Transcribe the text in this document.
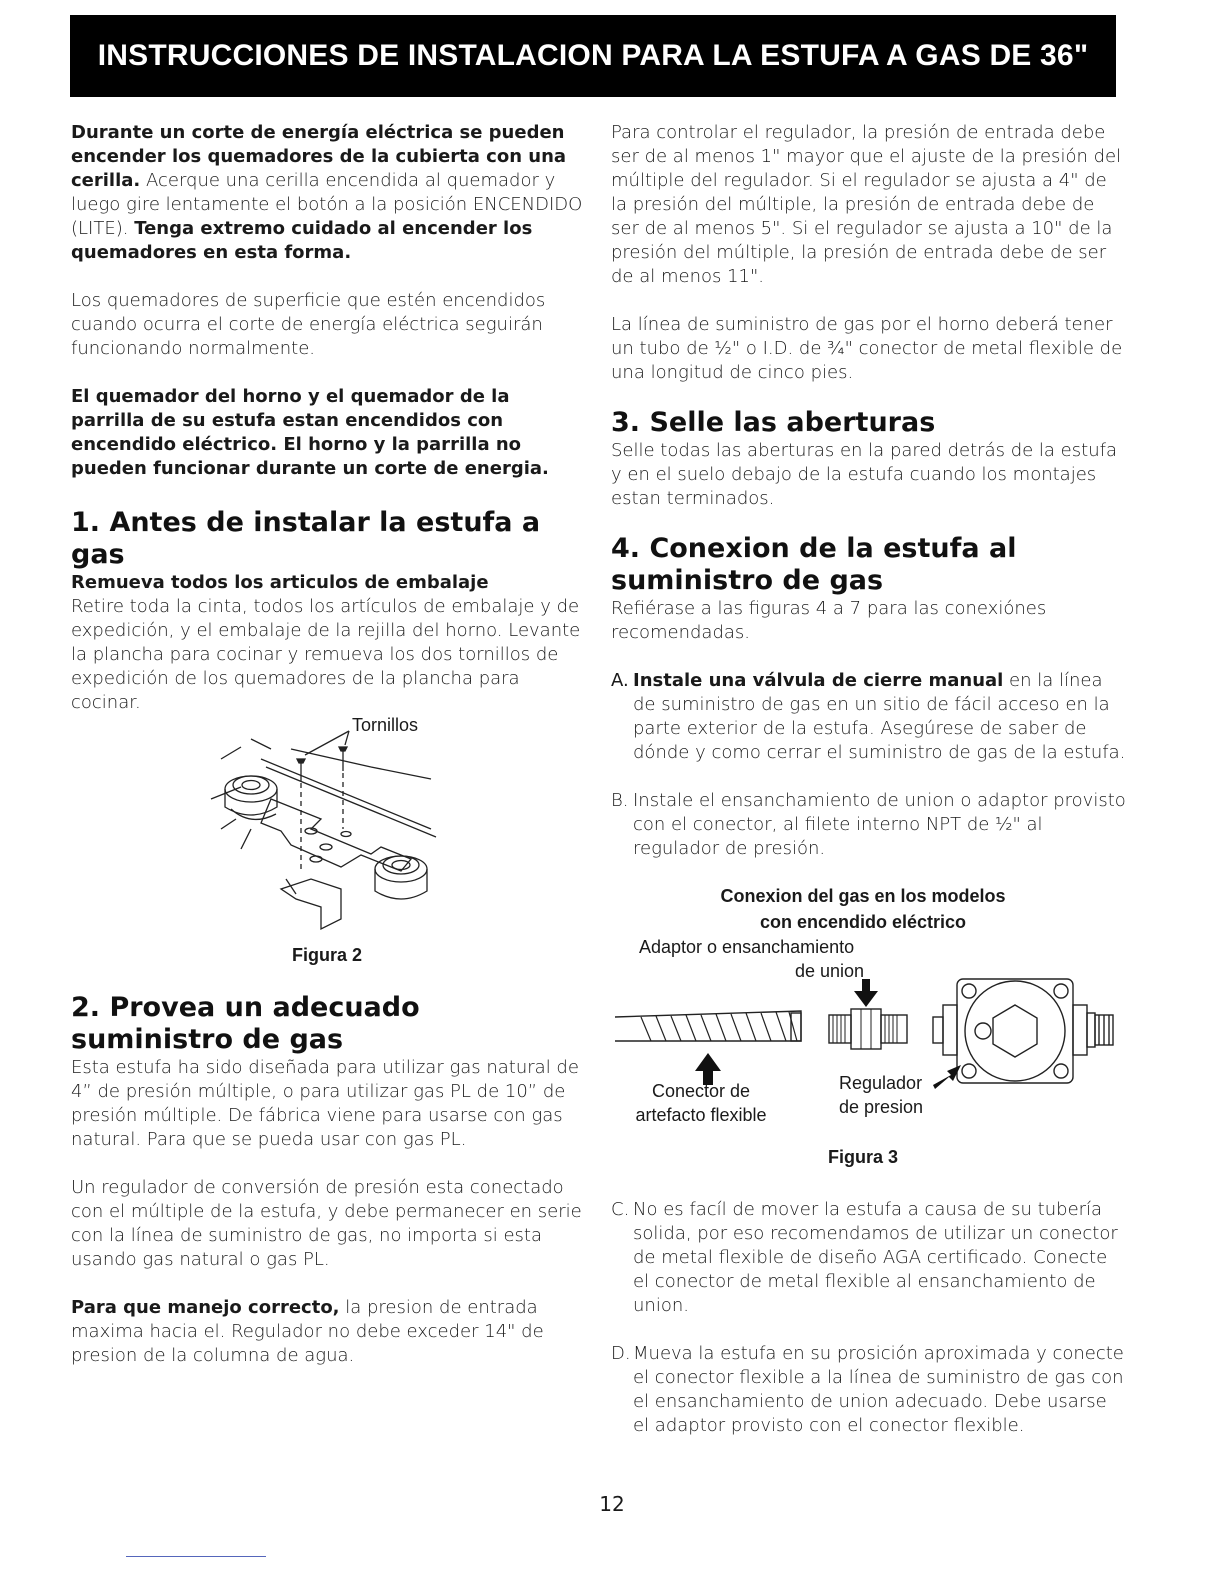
INSTRUCCIONES DE INSTALACION PARA LA ESTUFA A GAS DE 36"

Durante un corte de energía eléctrica se pueden encender los quemadores de la cubierta con una cerilla. Acerque una cerilla encendida al quemador y luego gire lentamente el botón a la posición ENCENDIDO (LITE). Tenga extremo cuidado al encender los quemadores en esta forma.

Los quemadores de superficie que estén encendidos cuando ocurra el corte de energía eléctrica seguirán funcionando normalmente.

El quemador del horno y el quemador de la parrilla de su estufa estan encendidos con encendido eléctrico. El horno y la parrilla no pueden funcionar durante un corte de energia.

1. Antes de instalar la estufa a gas
Remueva todos los articulos de embalaje

Retire toda la cinta, todos los artículos de embalaje y de expedición, y el embalaje de la rejilla del horno. Levante la plancha para cocinar y remueva los dos tornillos de expedición de los quemadores de la plancha para cocinar.

Tornillos
Figura 2
2. Provea un adecuado suministro de gas

Esta estufa ha sido diseñada para utilizar gas natural de 4” de presión múltiple, o para utilizar gas PL de 10” de presión múltiple. De fábrica viene para usarse con gas natural. Para que se pueda usar con gas PL.

Un regulador de conversión de presión esta conectado con el múltiple de la estufa, y debe permanecer en serie con la línea de suministro de gas, no importa si esta usando gas natural o gas PL.

Para que manejo correcto, la presion de entrada maxima hacia el. Regulador no debe exceder 14" de presion de la columna de agua.

Para controlar el regulador, la presión de entrada debe ser de al menos 1" mayor que el ajuste de la presión del múltiple del regulador. Si el regulador se ajusta a 4" de la presión del múltiple, la presión de entrada debe de ser de al menos 5". Si el regulador se ajusta a 10" de la presión del múltiple, la presión de entrada debe de ser de al menos 11".

La línea de suministro de gas por el horno deberá tener un tubo de ½" o I.D. de ¾" conector de metal flexible de una longitud de cinco pies.

3. Selle las aberturas

Selle todas las aberturas en la pared detrás de la estufa y en el suelo debajo de la estufa cuando los montajes estan terminados.

4. Conexion de la estufa al suministro de gas

Refiérase a las figuras 4 a 7 para las conexiónes recomendadas.

A. Instale una válvula de cierre manual en la línea de suministro de gas en un sitio de fácil acceso en la parte exterior de la estufa. Asegúrese de saber de dónde y como cerrar el suministro de gas de la estufa.
B. Instale el ensanchamiento de union o adaptor provisto con el conector, al filete interno NPT de ½" al regulador de presión.
Conexion del gas en los modelos
con encendido eléctrico
Adaptor o ensanchamiento
de union
Conector de
artefacto flexible
Regulador
de presion
Figura 3
C. No es facíl de mover la estufa a causa de su tubería solida, por eso recomendamos de utilizar un conector de metal flexible de diseño AGA certificado. Conecte el conector de metal flexible al ensanchamiento de union.
D. Mueva la estufa en su prosición aproximada y conecte el conector flexible a la línea de suministro de gas con el ensanchamiento de union adecuado. Debe usarse el adaptor provisto con el conector flexible.
12
